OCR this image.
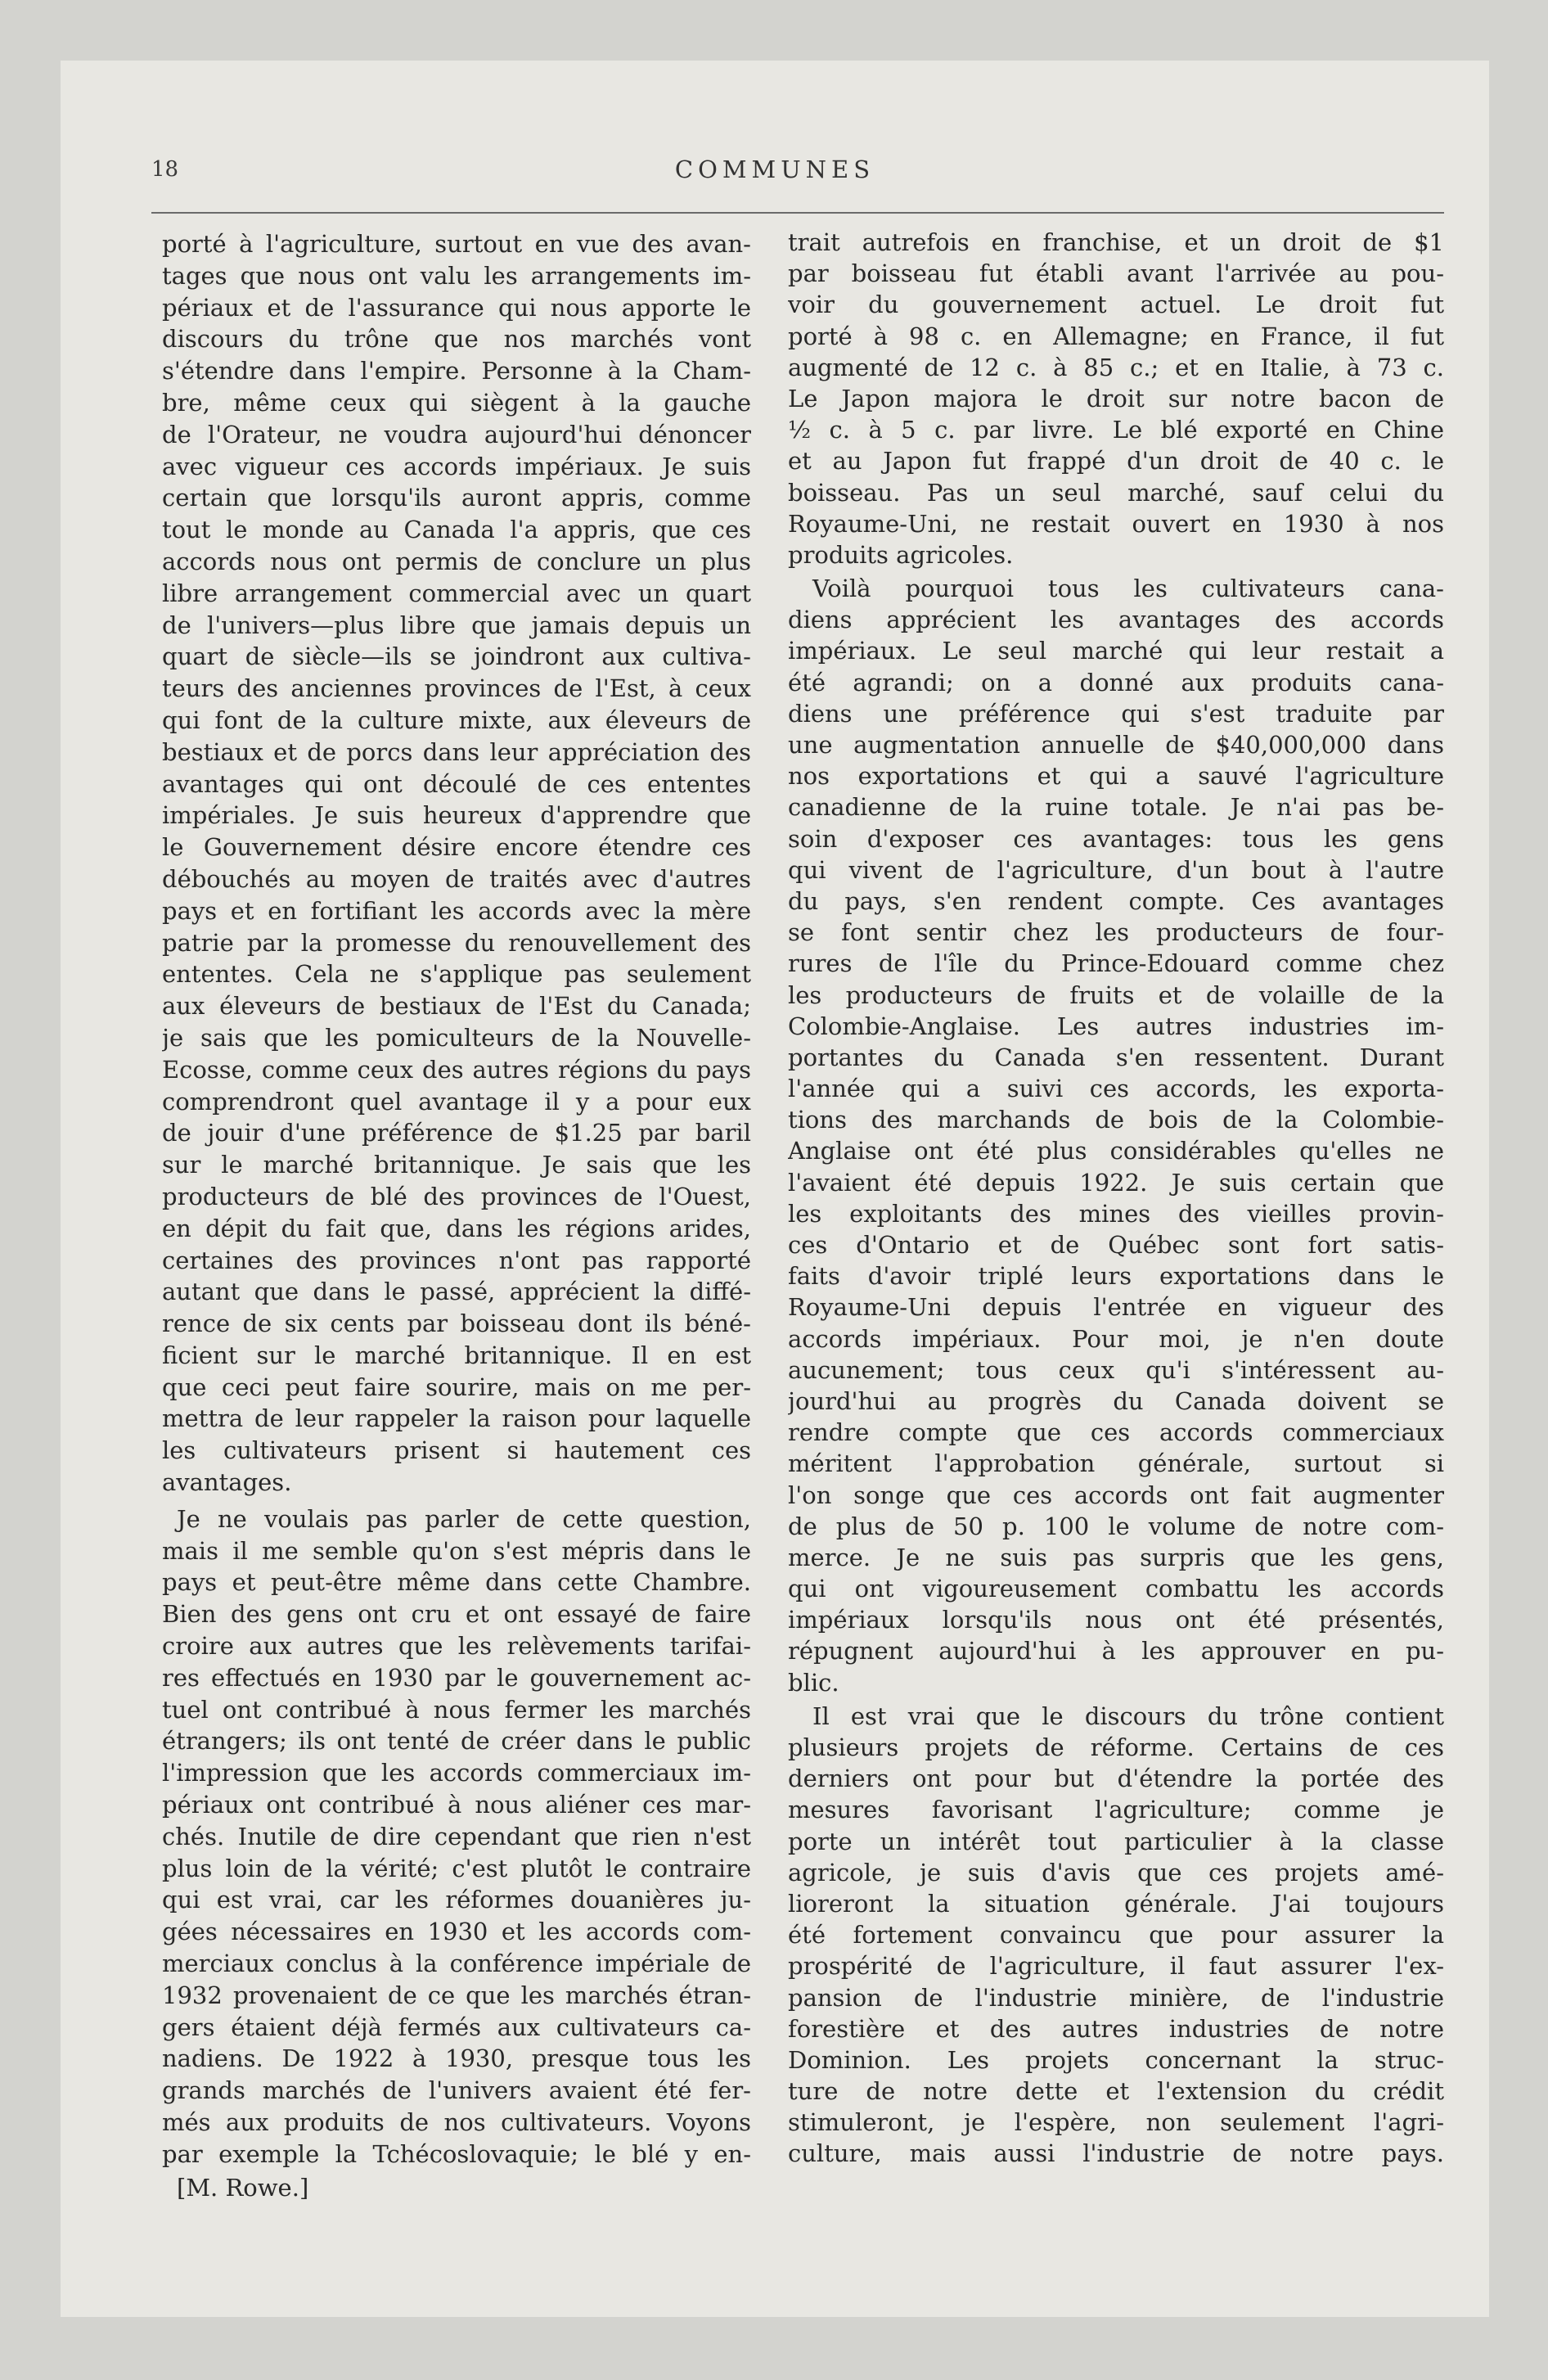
18	COMMUNES
porté à l'agriculture, surtout en vue des avan-
tages que nous ont valu les arrangements im-
périaux et de l'assurance qui nous apporte le
discours du trône que nos marchés vont
s'étendre dans l'empire. Personne à la Cham-
bre, même ceux qui siègent à la gauche
de l'Orateur, ne voudra aujourd'hui dénoncer
avec vigueur ces accords impériaux. Je suis
certain que lorsqu'ils auront appris, comme
tout le monde au Canada l'a appris, que ces
accords nous ont permis de conclure un plus
libre arrangement commercial avec un quart
de l'univers—plus libre que jamais depuis un
quart de siècle—ils se joindront aux cultiva-
teurs des anciennes provinces de l'Est, à ceux
qui font de la culture mixte, aux éleveurs de
bestiaux et de porcs dans leur appréciation des
avantages qui ont découlé de ces ententes
impériales. Je suis heureux d'apprendre que
le Gouvernement désire encore étendre ces
débouchés au moyen de traités avec d'autres
pays et en fortifiant les accords avec la mère
patrie par la promesse du renouvellement des
ententes. Cela ne s'applique pas seulement
aux éleveurs de bestiaux de l'Est du Canada;
je sais que les pomiculteurs de la Nouvelle-
Ecosse, comme ceux des autres régions du pays
comprendront quel avantage il y a pour eux
de jouir d'une préférence de $1.25 par baril
sur le marché britannique. Je sais que les
producteurs de blé des provinces de l'Ouest,
en dépit du fait que, dans les régions arides,
certaines des provinces n'ont pas rapporté
autant que dans le passé, apprécient la diffé-
rence de six cents par boisseau dont ils béné-
ficient sur le marché britannique. Il en est
que ceci peut faire sourire, mais on me per-
mettra de leur rappeler la raison pour laquelle
les cultivateurs prisent si hautement ces
avantages.
Je ne voulais pas parler de cette question,
mais il me semble qu'on s'est mépris dans le
pays et peut-être même dans cette Chambre.
Bien des gens ont cru et ont essayé de faire
croire aux autres que les relèvements tarifai-
res effectués en 1930 par le gouvernement ac-
tuel ont contribué à nous fermer les marchés
étrangers; ils ont tenté de créer dans le public
l'impression que les accords commerciaux im-
périaux ont contribué à nous aliéner ces mar-
chés. Inutile de dire cependant que rien n'est
plus loin de la vérité; c'est plutôt le contraire
qui est vrai, car les réformes douanières ju-
gées nécessaires en 1930 et les accords com-
merciaux conclus à la conférence impériale de
1932 provenaient de ce que les marchés étran-
gers étaient déjà fermés aux cultivateurs ca-
nadiens. De 1922 à 1930, presque tous les
grands marchés de l'univers avaient été fer-
més aux produits de nos cultivateurs. Voyons
par exemple la Tchécoslovaquie; le blé y en-
[M. Rowe.]
trait autrefois en franchise, et un droit de $1
par boisseau fut établi avant l'arrivée au pou-
voir du gouvernement actuel. Le droit fut
porté à 98 c. en Allemagne; en France, il fut
augmenté de 12 c. à 85 c.; et en Italie, à 73 c.
Le Japon majora le droit sur notre bacon de
½ c. à 5 c. par livre. Le blé exporté en Chine
et au Japon fut frappé d'un droit de 40 c. le
boisseau. Pas un seul marché, sauf celui du
Royaume-Uni, ne restait ouvert en 1930 à nos
produits agricoles.
Voilà pourquoi tous les cultivateurs cana-
diens apprécient les avantages des accords
impériaux. Le seul marché qui leur restait a
été agrandi; on a donné aux produits cana-
diens une préférence qui s'est traduite par
une augmentation annuelle de $40,000,000 dans
nos exportations et qui a sauvé l'agriculture
canadienne de la ruine totale. Je n'ai pas be-
soin d'exposer ces avantages: tous les gens
qui vivent de l'agriculture, d'un bout à l'autre
du pays, s'en rendent compte. Ces avantages
se font sentir chez les producteurs de four-
rures de l'île du Prince-Edouard comme chez
les producteurs de fruits et de volaille de la
Colombie-Anglaise. Les autres industries im-
portantes du Canada s'en ressentent. Durant
l'année qui a suivi ces accords, les exporta-
tions des marchands de bois de la Colombie-
Anglaise ont été plus considérables qu'elles ne
l'avaient été depuis 1922. Je suis certain que
les exploitants des mines des vieilles provin-
ces d'Ontario et de Québec sont fort satis-
faits d'avoir triplé leurs exportations dans le
Royaume-Uni depuis l'entrée en vigueur des
accords impériaux. Pour moi, je n'en doute
aucunement; tous ceux qu'i s'intéressent au-
jourd'hui au progrès du Canada doivent se
rendre compte que ces accords commerciaux
méritent l'approbation générale, surtout si
l'on songe que ces accords ont fait augmenter
de plus de 50 p. 100 le volume de notre com-
merce. Je ne suis pas surpris que les gens,
qui ont vigoureusement combattu les accords
impériaux lorsqu'ils nous ont été présentés,
répugnent aujourd'hui à les approuver en pu-
blic.
Il est vrai que le discours du trône contient
plusieurs projets de réforme. Certains de ces
derniers ont pour but d'étendre la portée des
mesures favorisant l'agriculture; comme je
porte un intérêt tout particulier à la classe
agricole, je suis d'avis que ces projets amé-
lioreront la situation générale. J'ai toujours
été fortement convaincu que pour assurer la
prospérité de l'agriculture, il faut assurer l'ex-
pansion de l'industrie minière, de l'industrie
forestière et des autres industries de notre
Dominion. Les projets concernant la struc-
ture de notre dette et l'extension du crédit
stimuleront, je l'espère, non seulement l'agri-
culture, mais aussi l'industrie de notre pays.
